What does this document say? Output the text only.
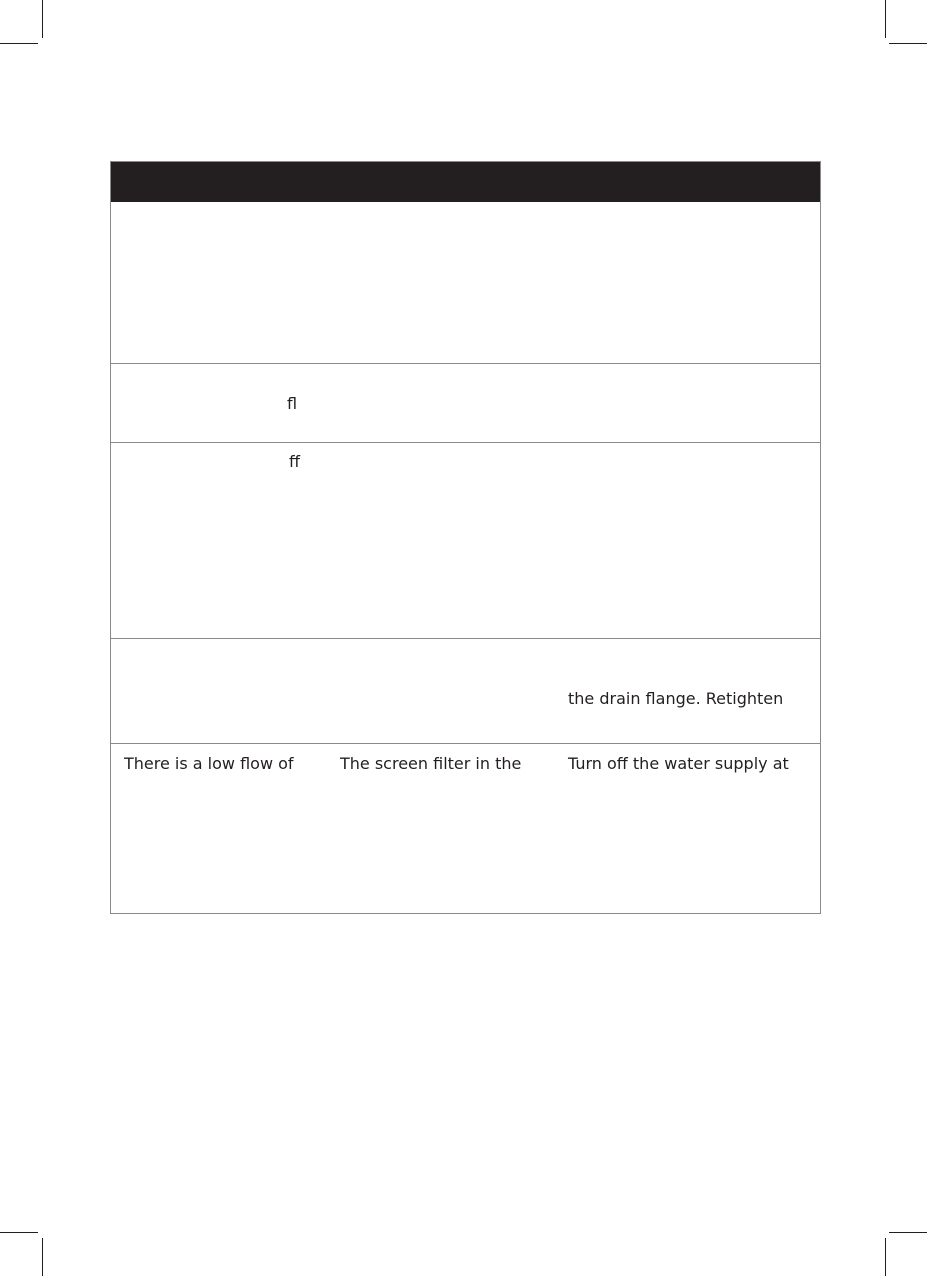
fl
ff
the drain flange. Retighten
There is a low flow of	The screen filter in the	Turn off the water supply at
